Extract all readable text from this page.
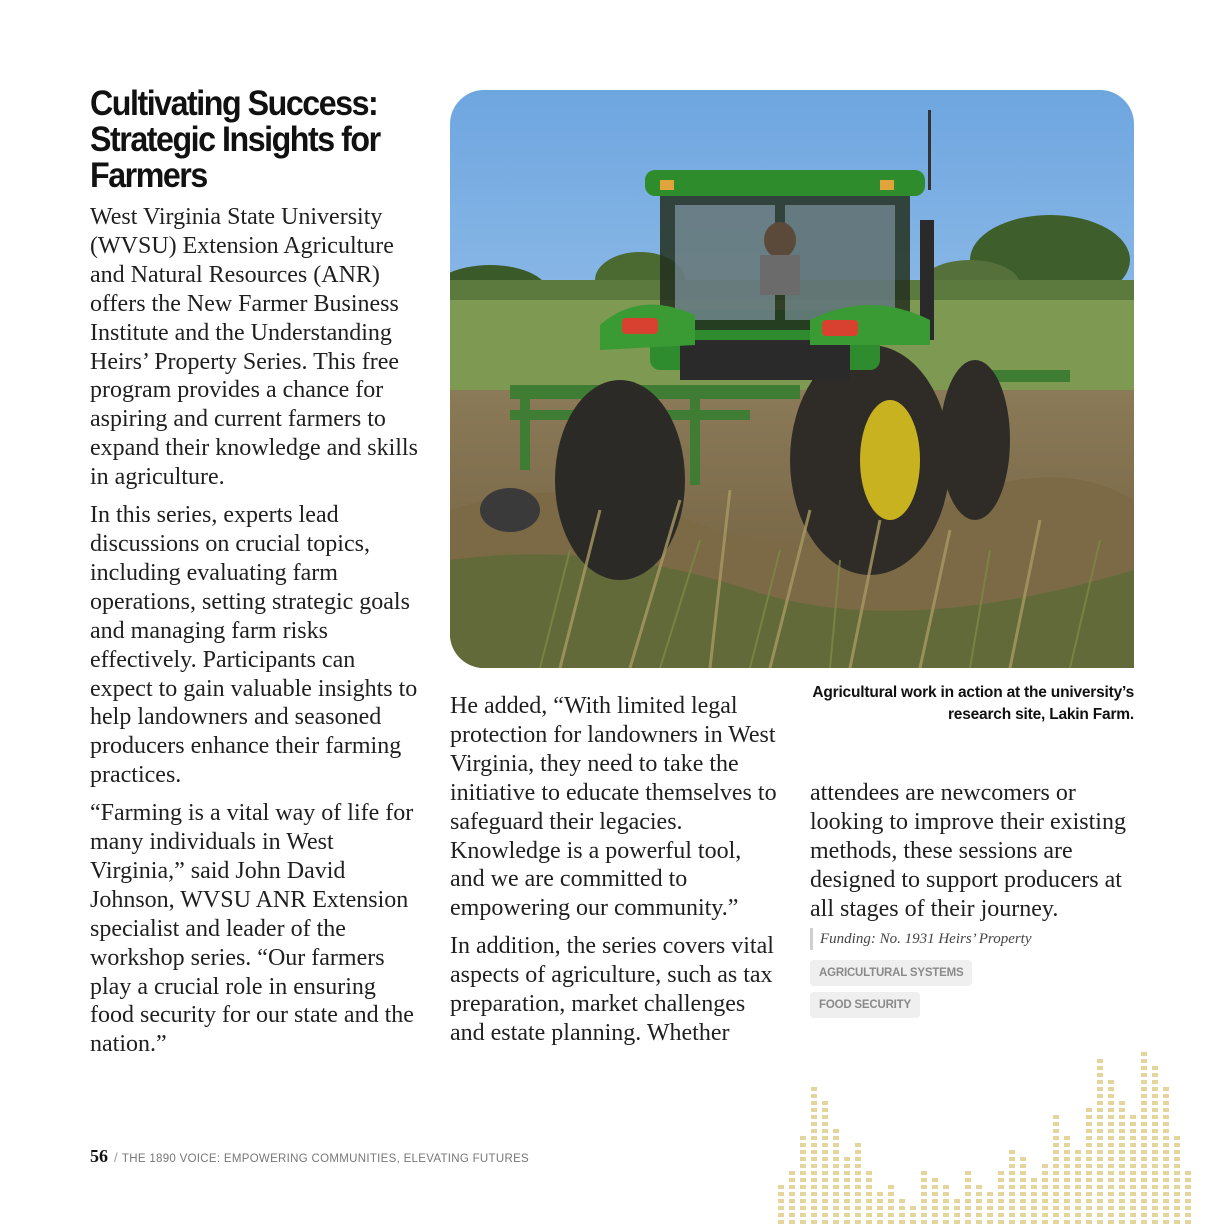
Cultivating Success: Strategic Insights for Farmers

West Virginia State University (WVSU) Extension Agriculture and Natural Resources (ANR) offers the New Farmer Business Institute and the Understanding Heirs’ Property Series. This free program provides a chance for aspiring and current farmers to expand their knowledge and skills in agriculture.

In this series, experts lead discussions on crucial topics, including evaluating farm operations, setting strategic goals and managing farm risks effectively. Participants can expect to gain valuable insights to help landowners and seasoned producers enhance their farming practices.

“Farming is a vital way of life for many individuals in West Virginia,” said John David Johnson, WVSU ANR Extension specialist and leader of the workshop series. “Our farmers play a crucial role in ensuring food security for our state and the nation.”

Agricultural work in action at the university’s research site, Lakin Farm.

He added, “With limited legal protection for landowners in West Virginia, they need to take the initiative to educate themselves to safeguard their legacies. Knowledge is a powerful tool, and we are committed to empowering our community.”

In addition, the series covers vital aspects of agriculture, such as tax preparation, market challenges and estate planning. Whether

attendees are newcomers or looking to improve their existing methods, these sessions are designed to support producers at all stages of their journey.

Funding: No. 1931 Heirs’ Property
AGRICULTURAL SYSTEMS
FOOD SECURITY
56 / THE 1890 VOICE: EMPOWERING COMMUNITIES, ELEVATING FUTURES
